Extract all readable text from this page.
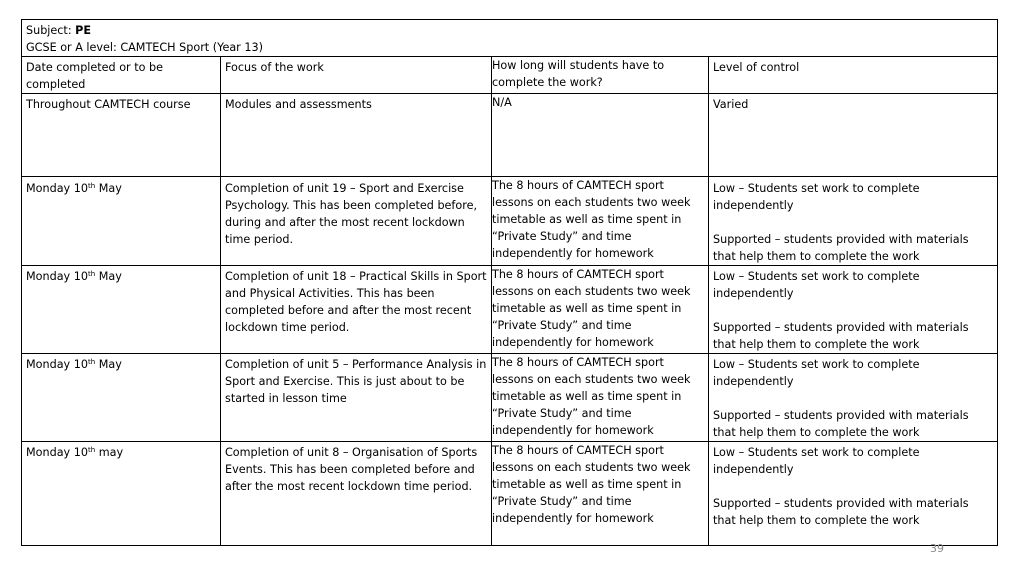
Subject: PE
GCSE or A level: CAMTECH Sport (Year 13)			
Date completed or to be completed	Focus of the work	How long will students have to complete the work?	Level of control
Throughout CAMTECH course	Modules and assessments	N/A	Varied
Monday 10th May	Completion of unit 19 – Sport and Exercise Psychology. This has been completed before, during and after the most recent lockdown time period.	The 8 hours of CAMTECH sport lessons on each students two week timetable as well as time spent in “Private Study” and time independently for homework	Low – Students set work to complete independently
Supported – students provided with materials that help them to complete the work
Monday 10th May	Completion of unit 18 – Practical Skills in Sport and Physical Activities. This has been completed before and after the most recent lockdown time period.	The 8 hours of CAMTECH sport lessons on each students two week timetable as well as time spent in “Private Study” and time independently for homework	Low – Students set work to complete independently
Supported – students provided with materials that help them to complete the work
Monday 10th May	Completion of unit 5 – Performance Analysis in Sport and Exercise. This is just about to be started in lesson time	The 8 hours of CAMTECH sport lessons on each students two week timetable as well as time spent in “Private Study” and time independently for homework	Low – Students set work to complete independently
Supported – students provided with materials that help them to complete the work
Monday 10th may	Completion of unit 8 – Organisation of Sports Events. This has been completed before and after the most recent lockdown time period.	The 8 hours of CAMTECH sport lessons on each students two week timetable as well as time spent in “Private Study” and time independently for homework	Low – Students set work to complete independently
Supported – students provided with materials that help them to complete the work
39
